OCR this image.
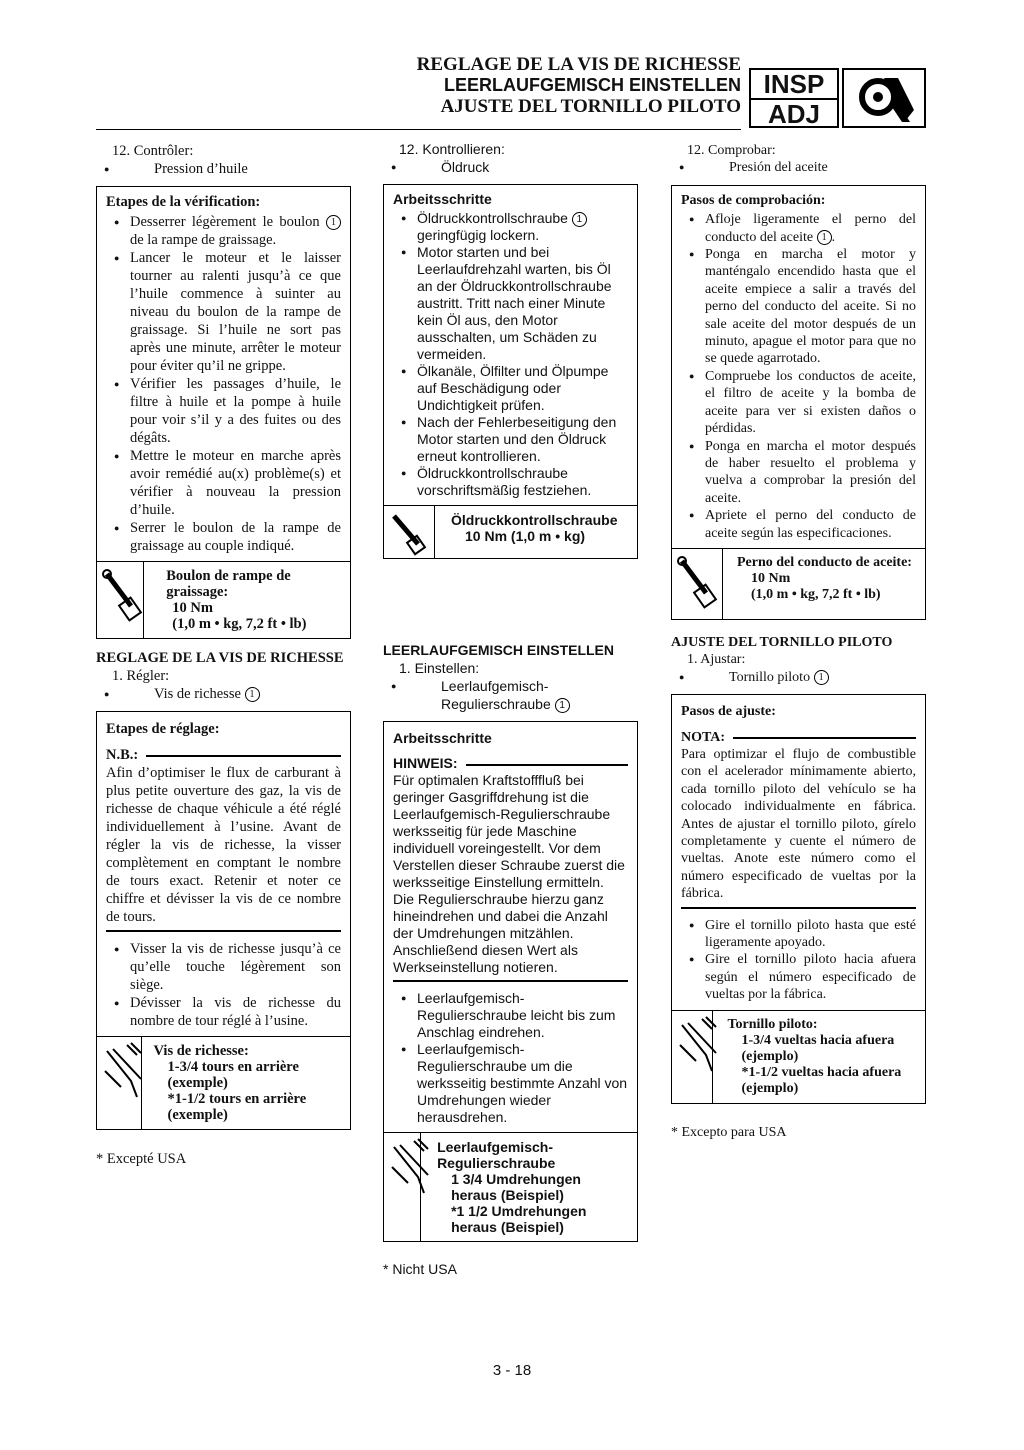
REGLAGE DE LA VIS DE RICHESSE
LEERLAUFGEMISCH EINSTELLEN
AJUSTE DEL TORNILLO PILOTO
INSP
ADJ
12. Contrôler:
● Pression d’huile
Etapes de la vérification:
● Desserrer légèrement le boulon 1 de la rampe de graissage.
● Lancer le moteur et le laisser tourner au ralenti jusqu’à ce que l’huile commence à suinter au niveau du boulon de la rampe de graissage. Si l’huile ne sort pas après une minute, arrêter le moteur pour éviter qu’il ne grippe.
● Vérifier les passages d’huile, le filtre à huile et la pompe à huile pour voir s’il y a des fuites ou des dégâts.
● Mettre le moteur en marche après avoir remédié au(x) problème(s) et vérifier à nouveau la pression d’huile.
● Serrer le boulon de la rampe de graissage au couple indiqué.
Boulon de rampe de graissage:
10 Nm
(1,0 m • kg, 7,2 ft • lb)
REGLAGE DE LA VIS DE RICHESSE
1. Régler:
● Vis de richesse 1
Etapes de réglage:
N.B.:
Afin d’optimiser le flux de carburant à plus petite ouverture des gaz, la vis de richesse de chaque véhicule a été réglé individuellement à l’usine. Avant de régler la vis de richesse, la visser complètement en comptant le nombre de tours exact. Retenir et noter ce chiffre et dévisser la vis de ce nombre de tours.
● Visser la vis de richesse jusqu’à ce qu’elle touche légèrement son siège.
● Dévisser la vis de richesse du nombre de tour réglé à l’usine.
Vis de richesse:
1-3/4 tours en arrière (exemple)
*1-1/2 tours en arrière (exemple)
* Excepté USA
12. Kontrollieren:
● Öldruck
Arbeitsschritte
● Öldruckkontrollschraube 1 geringfügig lockern.
● Motor starten und bei Leerlaufdrehzahl warten, bis Öl an der Öldruckkontrollschraube austritt. Tritt nach einer Minute kein Öl aus, den Motor ausschalten, um Schäden zu vermeiden.
● Ölkanäle, Ölfilter und Ölpumpe auf Beschädigung oder Undichtigkeit prüfen.
● Nach der Fehlerbeseitigung den Motor starten und den Öldruck erneut kontrollieren.
● Öldruckkontrollschraube vorschriftsmäßig festziehen.
Öldruckkontrollschraube
10 Nm (1,0 m • kg)
LEERLAUFGEMISCH EINSTELLEN
1. Einstellen:
● Leerlaufgemisch-Regulierschraube 1
Arbeitsschritte
HINWEIS:
Für optimalen Kraftstofffluß bei geringer Gasgriffdrehung ist die Leerlaufgemisch-Regulierschraube werksseitig für jede Maschine individuell voreingestellt. Vor dem Verstellen dieser Schraube zuerst die werksseitige Einstellung ermitteln. Die Regulierschraube hierzu ganz hineindrehen und dabei die Anzahl der Umdrehungen mitzählen. Anschließend diesen Wert als Werkseinstellung notieren.
● Leerlaufgemisch-Regulierschraube leicht bis zum Anschlag eindrehen.
● Leerlaufgemisch-Regulierschraube um die werksseitig bestimmte Anzahl von Umdrehungen wieder herausdrehen.
Leerlaufgemisch-Regulierschraube
1 3/4 Umdrehungen heraus (Beispiel)
*1 1/2 Umdrehungen heraus (Beispiel)
* Nicht USA
12. Comprobar:
● Presión del aceite
Pasos de comprobación:
● Afloje ligeramente el perno del conducto del aceite 1 .
● Ponga en marcha el motor y manténgalo encendido hasta que el aceite empiece a salir a través del perno del conducto del aceite. Si no sale aceite del motor después de un minuto, apague el motor para que no se quede agarrotado.
● Compruebe los conductos de aceite, el filtro de aceite y la bomba de aceite para ver si existen daños o pérdidas.
● Ponga en marcha el motor después de haber resuelto el problema y vuelva a comprobar la presión del aceite.
● Apriete el perno del conducto de aceite según las especificaciones.
Perno del conducto de aceite:
10 Nm
(1,0 m • kg, 7,2 ft • lb)
AJUSTE DEL TORNILLO PILOTO
1. Ajustar:
● Tornillo piloto 1
Pasos de ajuste:
NOTA:
Para optimizar el flujo de combustible con el acelerador mínimamente abierto, cada tornillo piloto del vehículo se ha colocado individualmente en fábrica. Antes de ajustar el tornillo piloto, gírelo completamente y cuente el número de vueltas. Anote este número como el número especificado de vueltas por la fábrica.
● Gire el tornillo piloto hasta que esté ligeramente apoyado.
● Gire el tornillo piloto hacia afuera según el número especificado de vueltas por la fábrica.
Tornillo piloto:
1-3/4 vueltas hacia afuera (ejemplo)
*1-1/2 vueltas hacia afuera (ejemplo)
* Excepto para USA
3 - 18
